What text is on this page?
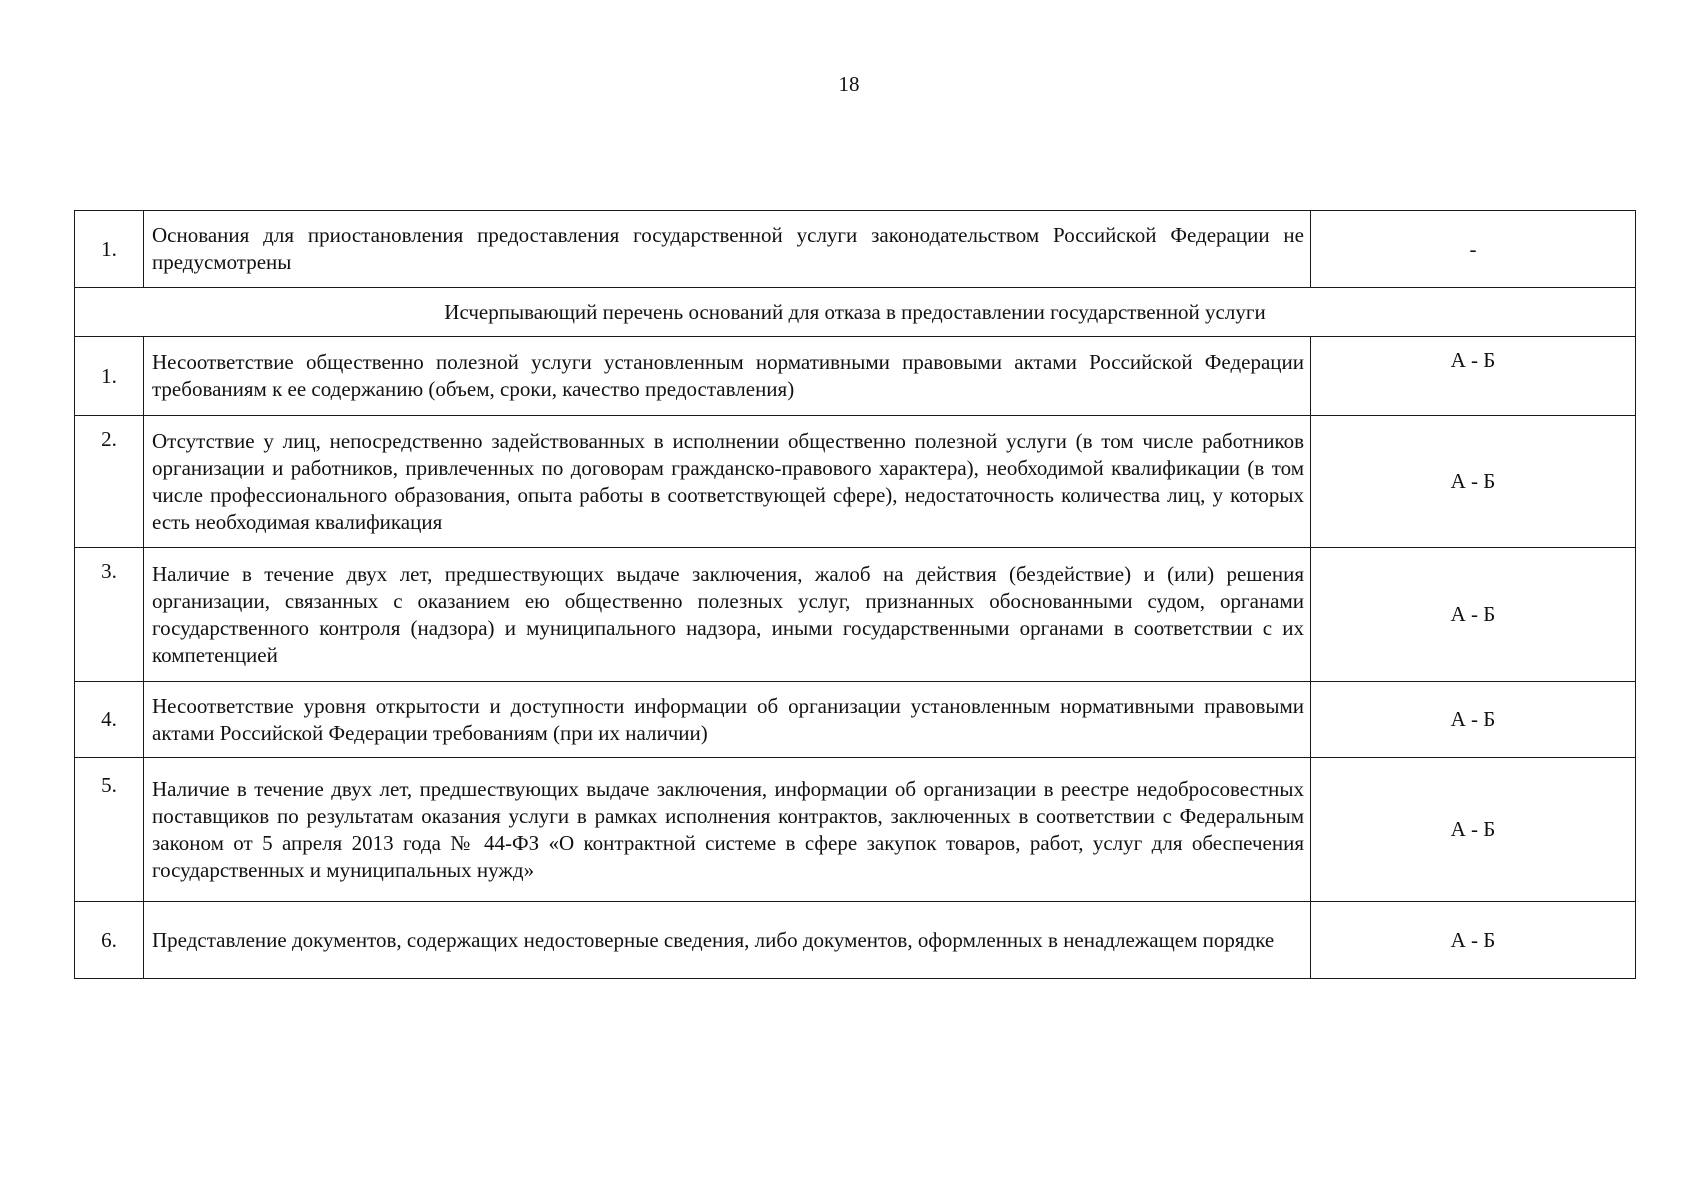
18
1.	Основания для приостановления предоставления государственной услуги законодательством Российской Федерации не предусмотрены	-
Исчерпывающий перечень оснований для отказа в предоставлении государственной услуги		
1.	Несоответствие общественно полезной услуги установленным нормативными правовыми актами Российской Федерации требованиям к ее содержанию (объем, сроки, качество предоставления)	А - Б
2.	Отсутствие у лиц, непосредственно задействованных в исполнении общественно полезной услуги (в том числе работников организации и работников, привлеченных по договорам гражданско-правового характера), необходимой квалификации (в том числе профессионального образования, опыта работы в соответствующей сфере), недостаточность количества лиц, у которых есть необходимая квалификация	А - Б
3.	Наличие в течение двух лет, предшествующих выдаче заключения, жалоб на действия (бездействие) и (или) решения организации, связанных с оказанием ею общественно полезных услуг, признанных обоснованными судом, органами государственного контроля (надзора) и муниципального надзора, иными государственными органами в соответствии с их компетенцией	А - Б
4.	Несоответствие уровня открытости и доступности информации об организации установленным нормативными правовыми актами Российской Федерации требованиям (при их наличии)	А - Б
5.	Наличие в течение двух лет, предшествующих выдаче заключения, информации об организации в реестре недобросовестных поставщиков по результатам оказания услуги в рамках исполнения контрактов, заключенных в соответствии с Федеральным законом от 5 апреля 2013 года № 44-ФЗ «О контрактной системе в сфере закупок товаров, работ, услуг для обеспечения государственных и муниципальных нужд»	А - Б
6.	Представление документов, содержащих недостоверные сведения, либо документов, оформленных в ненадлежащем порядке	А - Б
